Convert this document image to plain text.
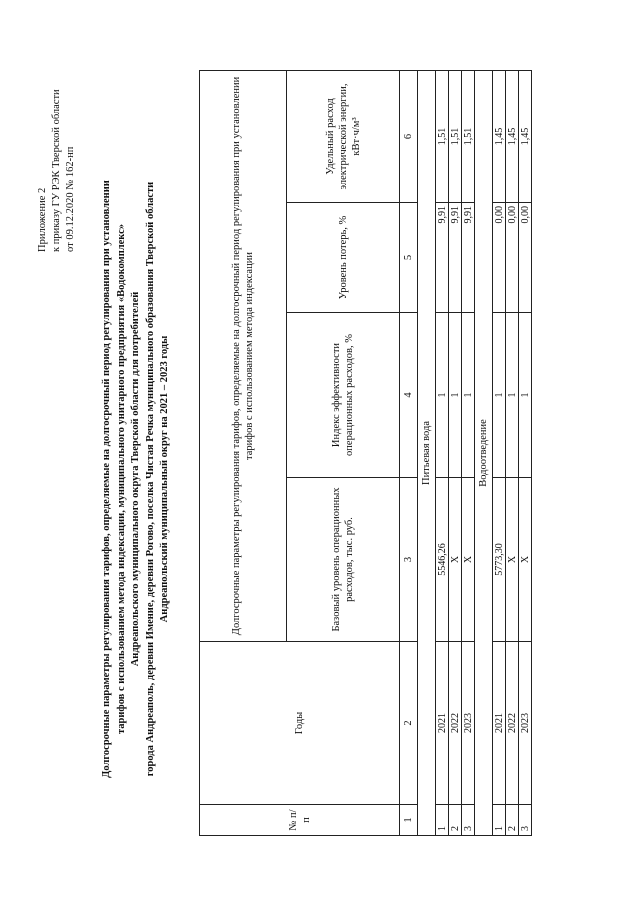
Приложение 2 к приказу ГУ РЭК Тверской области от 09.12.2020 № 162-нп Долгосрочные параметры регулирования тарифов, определяемые на долгосрочный период регулирования при установлении тарифов с использованием метода индексации, муниципального унитарного предприятия «Водокомплекс» Андреапольского муниципального округа Тверской области для потребителей города Андреаполь, деревни Имение, деревни Рогово, поселка Чистая Речка муниципального образования Тверской области Андреапольский муниципальный округ на 2021 – 2023 годы
№ п/п	Годы	Долгосрочные параметры регулирования тарифов, определяемые на долгосрочный период регулирования при установлении тарифов с использованием метода индексации			
		Базовый уровень операционных расходов, тыс. руб.	Индекс эффективности операционных расходов, %	Уровень потерь, %	Удельный расход электрической энергии, кВт·ч/м³
1	2	3	4	5	6
Питьевая вода					
1	2021	5546,26	1	9,91	1,51
2	2022	X	1	9,91	1,51
3	2023	X	1	9,91	1,51
Водоотведение					
1	2021	5773,30	1	0,00	1,45
2	2022	X	1	0,00	1,45
3	2023	X	1	0,00	1,45
